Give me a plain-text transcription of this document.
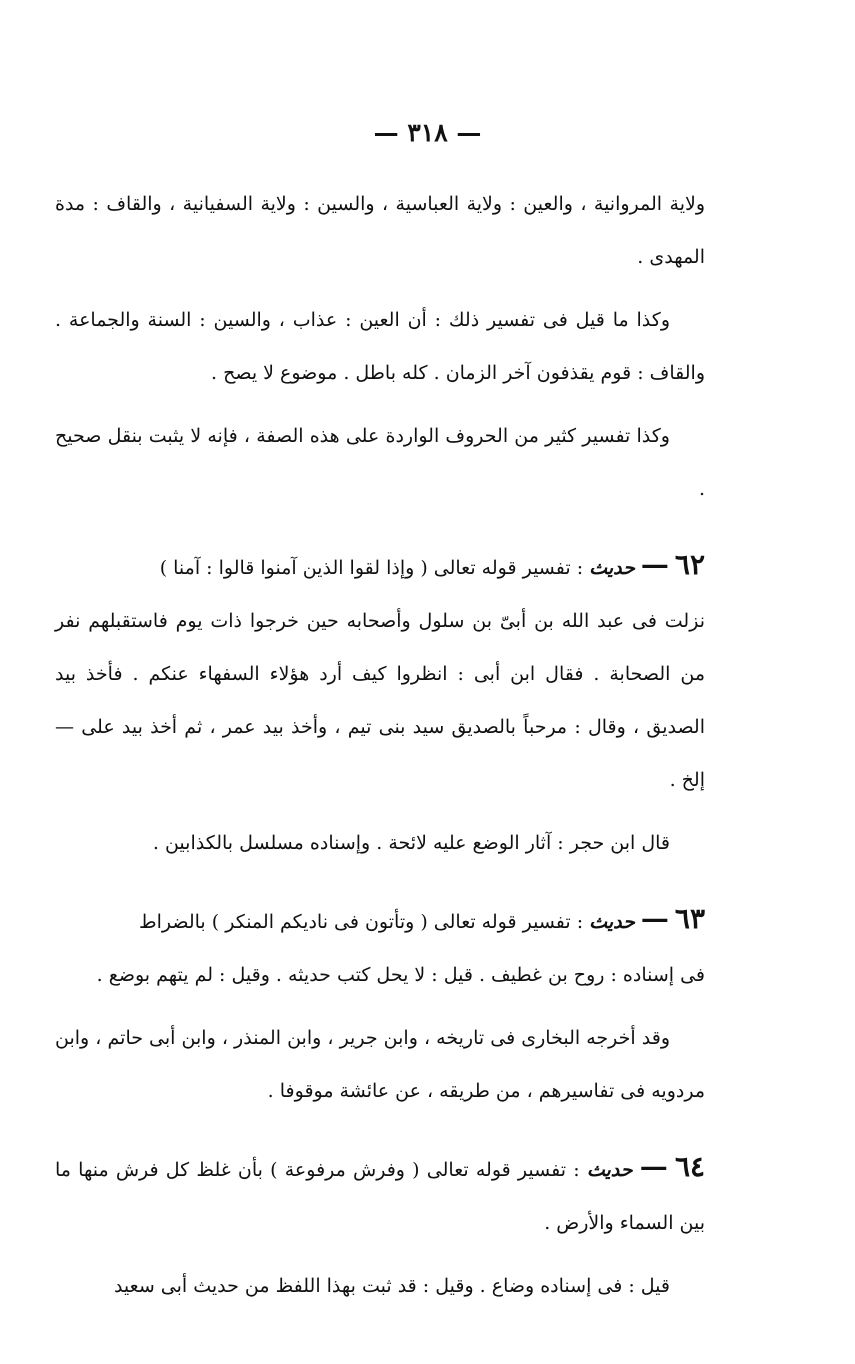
— ٣١٨ —

ولاية المروانية ، والعين : ولاية العباسية ، والسين : ولاية السفيانية ، والقاف : مدة المهدى .

وكذا ما قيل فى تفسير ذلك : أن العين : عذاب ، والسين : السنة والجماعة . والقاف : قوم يقذفون آخر الزمان . كله باطل . موضوع لا يصح .

وكذا تفسير كثير من الحروف الواردة على هذه الصفة ، فإنه لا يثبت بنقل صحيح .

٦٢ — حديث : تفسير قوله تعالى ( وإذا لقوا الذين آمنوا قالوا : آمنا )

نزلت فى عبد الله بن أبىّ بن سلول وأصحابه حين خرجوا ذات يوم فاستقبلهم نفر من الصحابة . فقال ابن أبى : انظروا كيف أرد هؤلاء السفهاء عنكم . فأخذ بيد الصديق ، وقال : مرحباً بالصديق سيد بنى تيم ، وأخذ بيد عمر ، ثم أخذ بيد على — إلخ .

قال ابن حجر : آثار الوضع عليه لائحة . وإسناده مسلسل بالكذابين .

٦٣ — حديث : تفسير قوله تعالى ( وتأتون فى ناديكم المنكر ) بالضراط

فى إسناده : روح بن غطيف . قيل : لا يحل كتب حديثه . وقيل : لم يتهم بوضع .

وقد أخرجه البخارى فى تاريخه ، وابن جرير ، وابن المنذر ، وابن أبى حاتم ، وابن مردويه فى تفاسيرهم ، من طريقه ، عن عائشة موقوفا .

٦٤ — حديث : تفسير قوله تعالى ( وفرش مرفوعة ) بأن غلظ كل فرش منها ما بين السماء والأرض .

قيل : فى إسناده وضاع . وقيل : قد ثبت بهذا اللفظ من حديث أبى سعيد
